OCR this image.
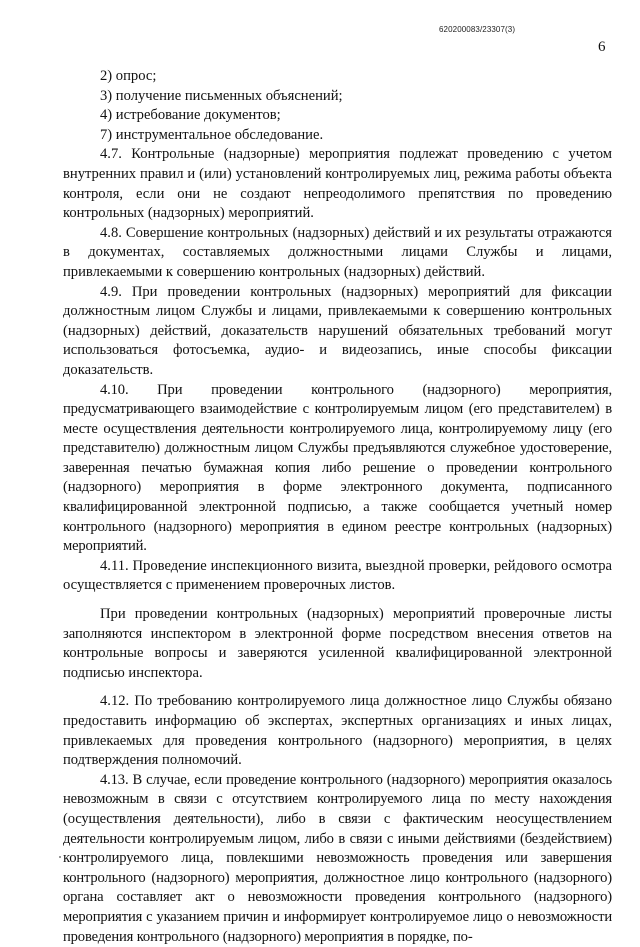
620200083/23307(3)
6
2) опрос;
3) получение письменных объяснений;
4) истребование документов;
7) инструментальное обследование.

4.7. Контрольные (надзорные) мероприятия подлежат проведению с учетом внутренних правил и (или) установлений контролируемых лиц, режима работы объекта контроля, если они не создают непреодолимого препятствия по проведению контрольных (надзорных) мероприятий.

4.8. Совершение контрольных (надзорных) действий и их результаты отражаются в документах, составляемых должностными лицами Службы и лицами, привлекаемыми к совершению контрольных (надзорных) действий.

4.9. При проведении контрольных (надзорных) мероприятий для фиксации должностным лицом Службы и лицами, привлекаемыми к совершению контрольных (надзорных) действий, доказательств нарушений обязательных требований могут использоваться фотосъемка, аудио- и видеозапись, иные способы фиксации доказательств.

4.10. При проведении контрольного (надзорного) мероприятия, предусматривающего взаимодействие с контролируемым лицом (его представителем) в месте осуществления деятельности контролируемого лица, контролируемому лицу (его представителю) должностным лицом Службы предъявляются служебное удостоверение, заверенная печатью бумажная копия либо решение о проведении контрольного (надзорного) мероприятия в форме электронного документа, подписанного квалифицированной электронной подписью, а также сообщается учетный номер контрольного (надзорного) мероприятия в едином реестре контрольных (надзорных) мероприятий.

4.11. Проведение инспекционного визита, выездной проверки, рейдового осмотра осуществляется с применением проверочных листов.

При проведении контрольных (надзорных) мероприятий проверочные листы заполняются инспектором в электронной форме посредством внесения ответов на контрольные вопросы и заверяются усиленной квалифицированной электронной подписью инспектора.

4.12. По требованию контролируемого лица должностное лицо Службы обязано предоставить информацию об экспертах, экспертных организациях и иных лицах, привлекаемых для проведения контрольного (надзорного) мероприятия, в целях подтверждения полномочий.

4.13. В случае, если проведение контрольного (надзорного) мероприятия оказалось невозможным в связи с отсутствием контролируемого лица по месту нахождения (осуществления деятельности), либо в связи с фактическим неосуществлением деятельности контролируемым лицом, либо в связи с иными действиями (бездействием) контролируемого лица, повлекшими невозможность проведения или завершения контрольного (надзорного) мероприятия, должностное лицо контрольного (надзорного) органа составляет акт о невозможности проведения контрольного (надзорного) мероприятия с указанием причин и информирует контролируемое лицо о невозможности проведения контрольного (надзорного) мероприятия в порядке, по-
